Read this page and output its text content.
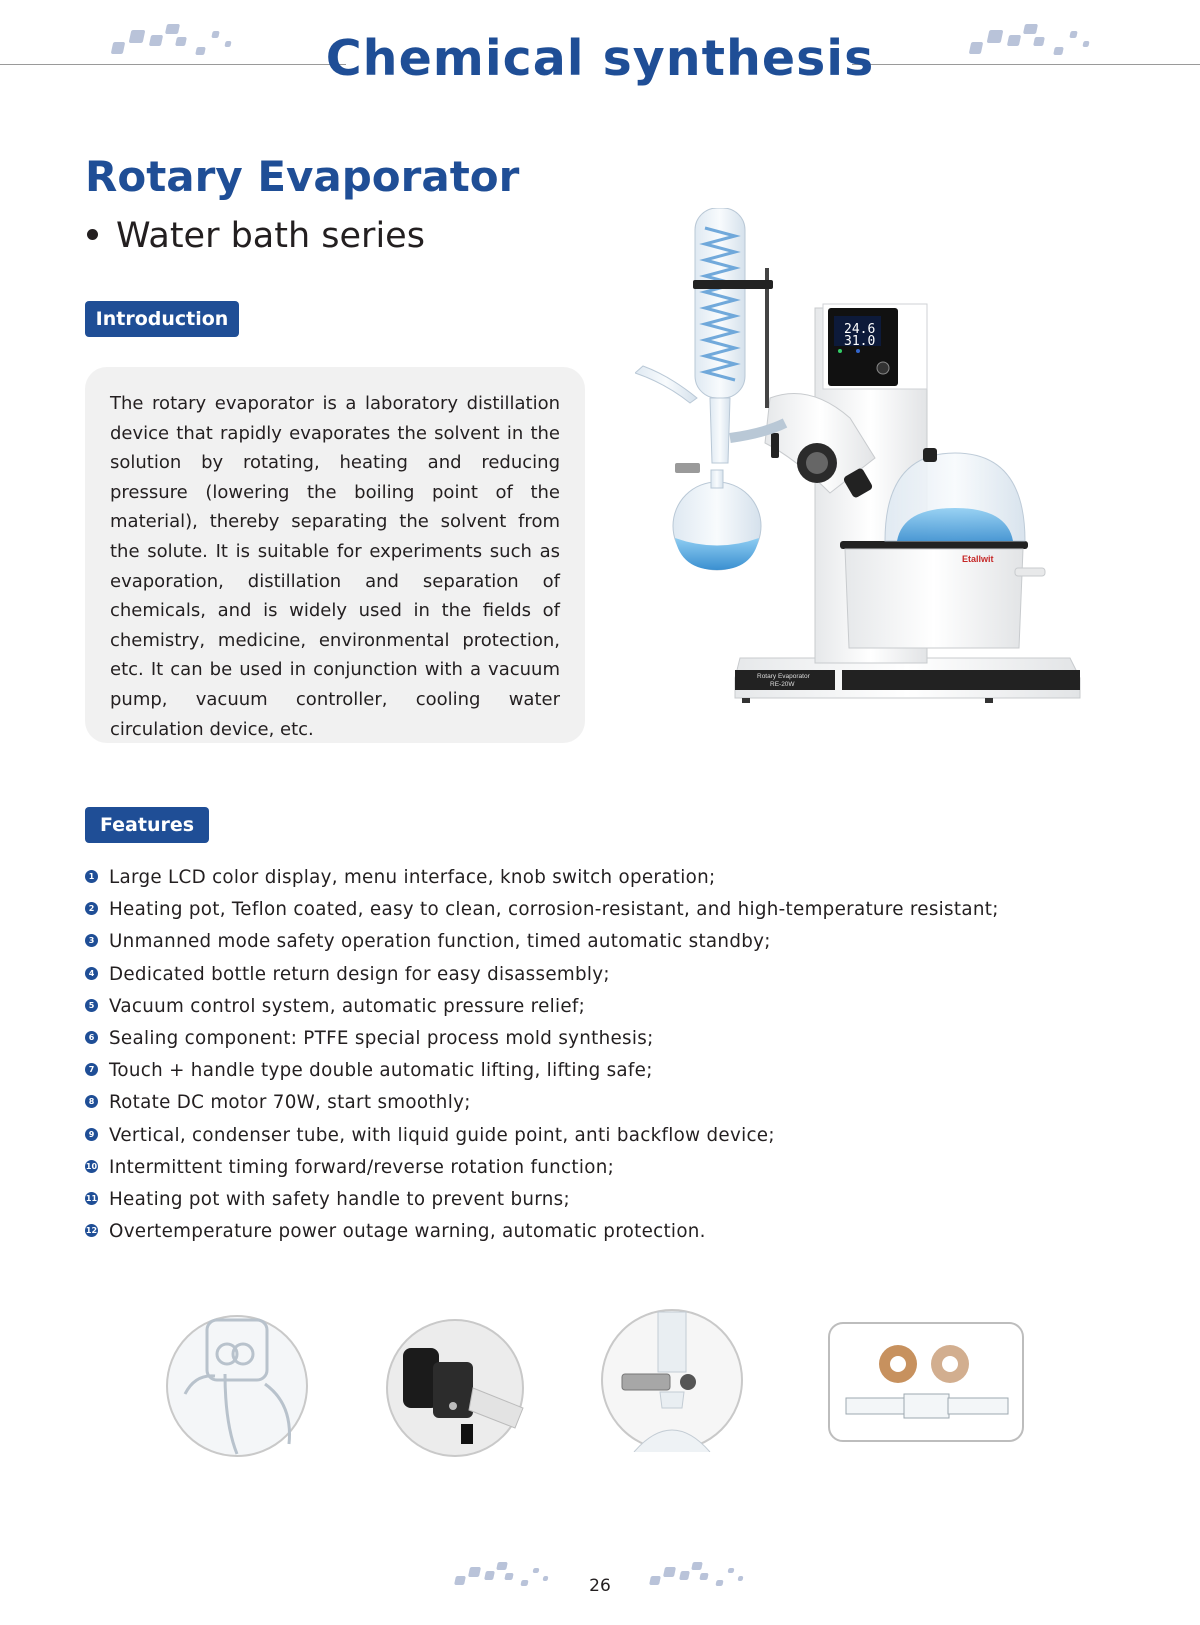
Chemical synthesis
Rotary Evaporator
Water bath series
Introduction
The rotary evaporator is a laboratory distillation device that rapidly evaporates the solvent in the solution by rotating, heating and reducing pressure (lowering the boiling point of the material), thereby separating the solvent from the solute. It is suitable for experiments such as evaporation, distillation and separation of chemicals, and is widely used in the fields of chemistry, medicine, environmental protection, etc. It can be used in conjunction with a vacuum pump, vacuum controller, cooling water circulation device, etc.
Rotary Evaporator
RE-20W
24.6
31.0
Etallwit
Features
1 Large LCD color display, menu interface, knob switch operation;
2 Heating pot, Teflon coated, easy to clean, corrosion-resistant, and high-temperature resistant;
3 Unmanned mode safety operation function, timed automatic standby;
4 Dedicated bottle return design for easy disassembly;
5 Vacuum control system, automatic pressure relief;
6 Sealing component: PTFE special process mold synthesis;
7 Touch + handle type double automatic lifting, lifting safe;
8 Rotate DC motor 70W, start smoothly;
9 Vertical, condenser tube, with liquid guide point, anti backflow device;
10 Intermittent timing forward/reverse rotation function;
11 Heating pot with safety handle to prevent burns;
12 Overtemperature power outage warning, automatic protection.
26
